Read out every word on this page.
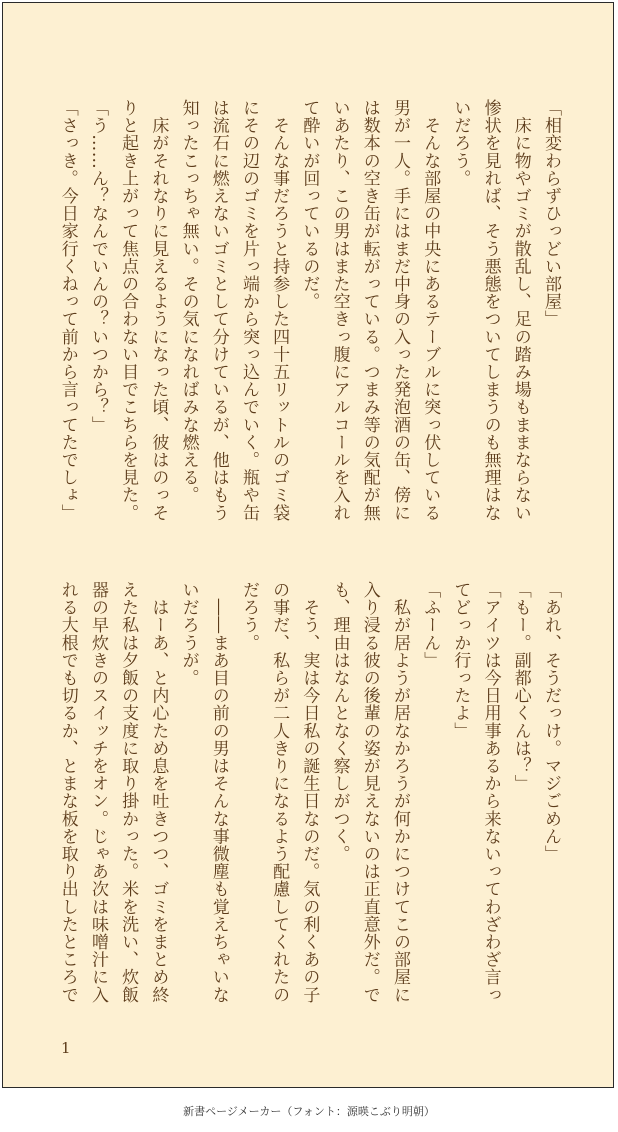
「相変わらずひっどい部屋」
　床に物やゴミが散乱し、足の踏み場もままならない
惨状を見れば、そう悪態をついてしまうのも無理はな
いだろう。
　そんな部屋の中央にあるテーブルに突っ伏している
男が一人。手にはまだ中身の入った発泡酒の缶、傍に
は数本の空き缶が転がっている。つまみ等の気配が無
いあたり、この男はまた空きっ腹にアルコールを入れ
て酔いが回っているのだ。
　そんな事だろうと持参した四十五リットルのゴミ袋
にその辺のゴミを片っ端から突っ込んでいく。瓶や缶
は流石に燃えないゴミとして分けているが、他はもう
知ったこっちゃ無い。その気になればみな燃える。
　床がそれなりに見えるようになった頃、彼はのっそ
りと起き上がって焦点の合わない目でこちらを見た。
「う……ん？なんでいんの？いつから？」
「さっき。今日家行くねって前から言ってたでしょ」
「あれ、そうだっけ。マジごめん」
「もー。副都心くんは？」
「アイツは今日用事あるから来ないってわざわざ言っ
てどっか行ったよ」
「ふーん」
　私が居ようが居なかろうが何かにつけてこの部屋に
入り浸る彼の後輩の姿が見えないのは正直意外だ。で
も、理由はなんとなく察しがつく。
　そう、実は今日私の誕生日なのだ。気の利くあの子
の事だ、私らが二人きりになるよう配慮してくれたの
だろう。
　――まあ目の前の男はそんな事微塵も覚えちゃいな
いだろうが。
　はーあ、と内心ため息を吐きつつ、ゴミをまとめ終
えた私は夕飯の支度に取り掛かった。米を洗い、炊飯
器の早炊きのスイッチをオン。じゃあ次は味噌汁に入
れる大根でも切るか、とまな板を取り出したところで
1
新書ページメーカー（フォント：源暎こぶり明朝）
